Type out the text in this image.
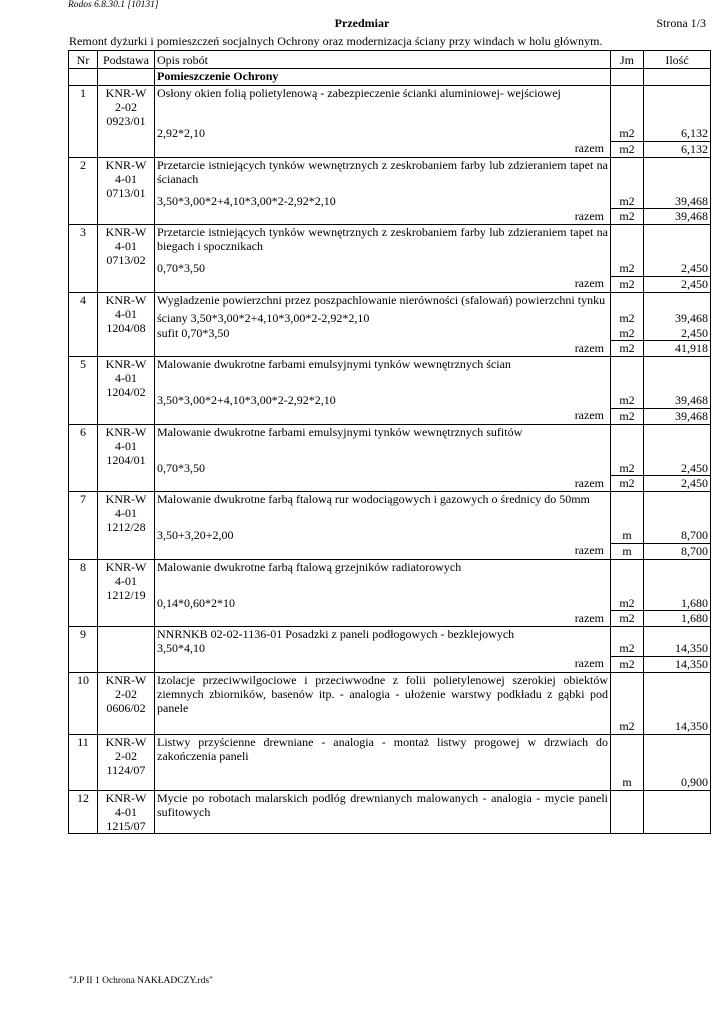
Rodos 6.8.30.1 [10131]
Przedmiar	Strona 1/3
Remont dyżurki i pomieszczeń socjalnych Ochrony oraz modernizacja ściany przy windach w holu głównym.
Nr	Podstawa	Opis robót	Jm	Ilość
		Pomieszczenie Ochrony		
1	KNR-W 2-02 0923/01	Osłony okien folią polietylenową - zabezpieczenie ścianki aluminiowej- wejściowej		

		2,92*2,10	m2	6,132

		razem	m2	6,132
2	KNR-W 4-01 0713/01	Przetarcie istniejących tynków wewnętrznych z zeskrobaniem farby lub zdzieraniem tapet na ścianach		

		3,50*3,00*2+4,10*3,00*2-2,92*2,10	m2	39,468

		razem	m2	39,468
3	KNR-W 4-01 0713/02	Przetarcie istniejących tynków wewnętrznych z zeskrobaniem farby lub zdzieraniem tapet na biegach i spocznikach		

		0,70*3,50	m2	2,450

		razem	m2	2,450
4	KNR-W 4-01 1204/08	Wygładzenie powierzchni przez poszpachlowanie nierówności (sfalowań) powierzchni tynku		

		ściany 3,50*3,00*2+4,10*3,00*2-2,92*2,10	m2	39,468

		sufit 0,70*3,50	m2	2,450

		razem	m2	41,918
5	KNR-W 4-01 1204/02	Malowanie dwukrotne farbami emulsyjnymi tynków wewnętrznych ścian		

		3,50*3,00*2+4,10*3,00*2-2,92*2,10	m2	39,468

		razem	m2	39,468
6	KNR-W 4-01 1204/01	Malowanie dwukrotne farbami emulsyjnymi tynków wewnętrznych sufitów		

		0,70*3,50	m2	2,450

		razem	m2	2,450
7	KNR-W 4-01 1212/28	Malowanie dwukrotne farbą ftalową rur wodociągowych i gazowych o średnicy do 50mm		

		3,50+3,20+2,00	m	8,700

		razem	m	8,700
8	KNR-W 4-01 1212/19	Malowanie dwukrotne farbą ftalową grzejników radiatorowych		

		0,14*0,60*2*10	m2	1,680

		razem	m2	1,680
9		NNRNKB 02-02-1136-01 Posadzki z paneli podłogowych - bezklejowych		

		3,50*4,10	m2	14,350

		razem	m2	14,350
10	KNR-W 2-02 0606/02	Izolacje przeciwwilgociowe i przeciwwodne z folii polietylenowej szerokiej obiektów ziemnych zbiorników, basenów itp. - analogia - ułożenie warstwy podkładu z gąbki pod panele		

			m2	14,350
11	KNR-W 2-02 1124/07	Listwy przyścienne drewniane - analogia - montaż listwy progowej w drzwiach do zakończenia paneli		

			m	0,900
12	KNR-W 4-01 1215/07	Mycie po robotach malarskich podłóg drewnianych malowanych - analogia - mycie paneli sufitowych		

"J.P II 1 Ochrona NAKŁADCZY.rds"
